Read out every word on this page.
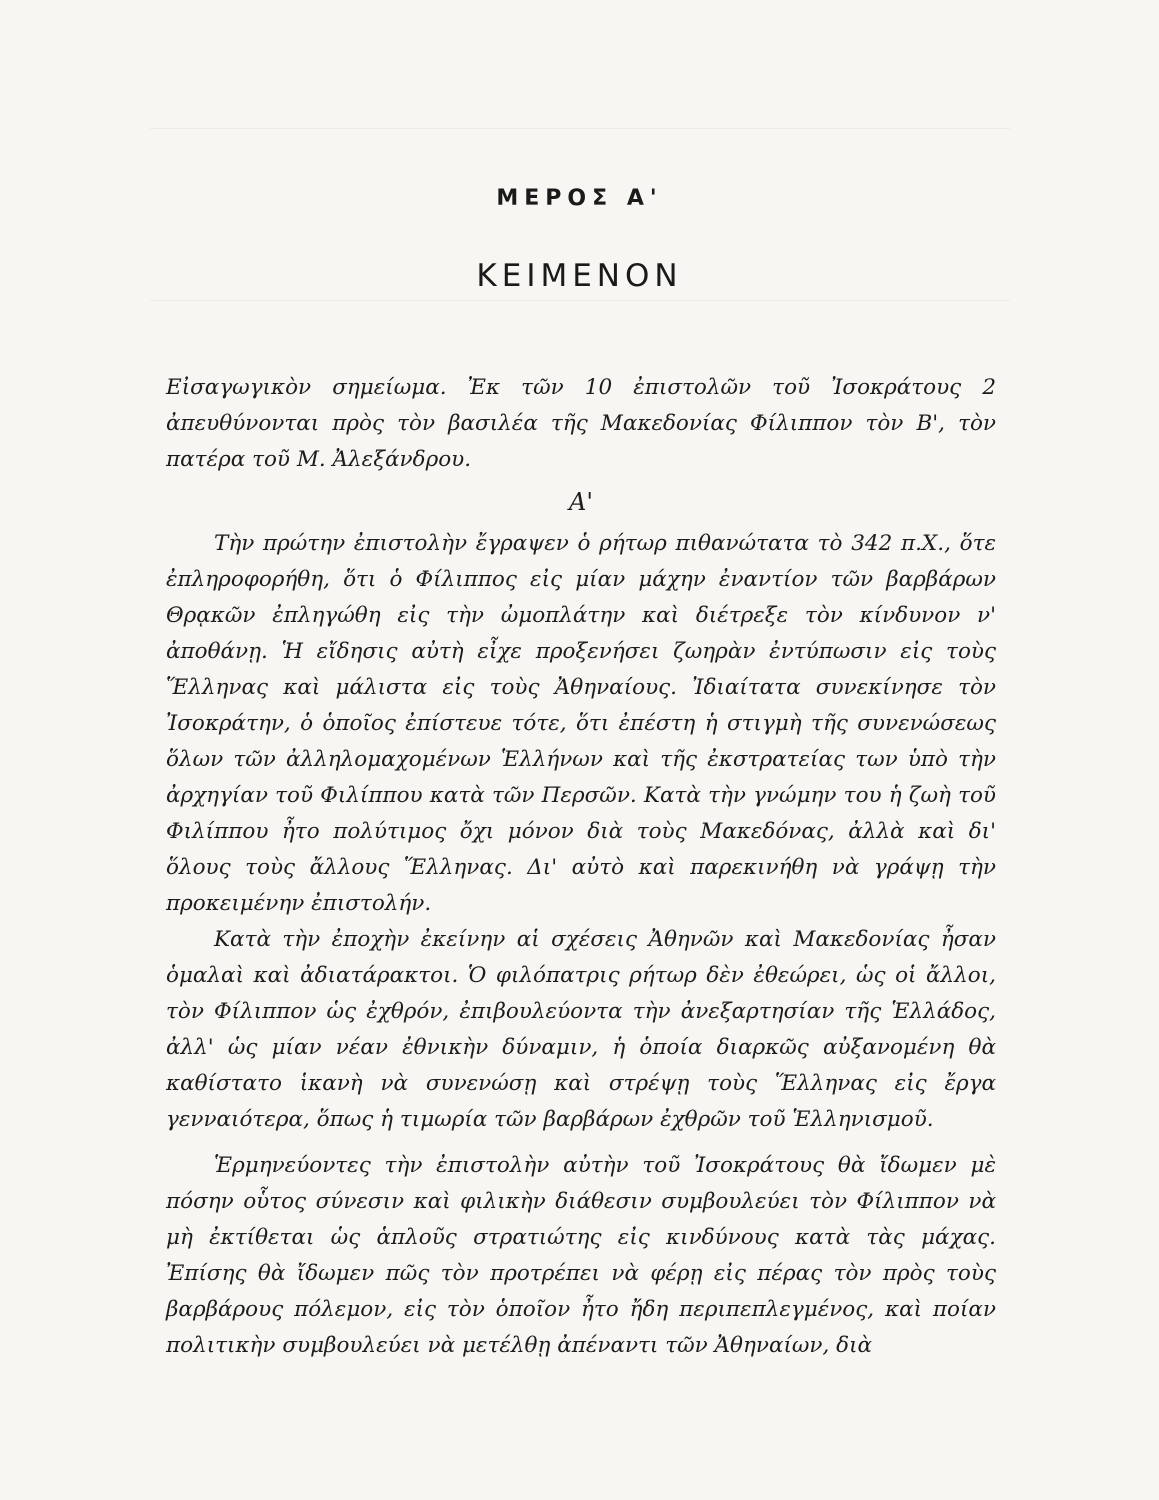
ΜΕΡΟΣ Α'
ΚΕΙΜΕΝΟΝ

Εἰσαγωγικὸν σημείωμα. Ἐκ τῶν 10 ἐπιστολῶν τοῦ Ἰσοκράτους 2 ἀπευθύνονται πρὸς τὸν βασιλέα τῆς Μακεδονίας Φίλιππον τὸν Β', τὸν πατέρα τοῦ Μ. Ἀλεξάνδρου.

Α'

Τὴν πρώτην ἐπιστολὴν ἔγραψεν ὁ ρήτωρ πιθανώτατα τὸ 342 π.Χ., ὅτε ἐπληροφορήθη, ὅτι ὁ Φίλιππος εἰς μίαν μάχην ἐναντίον τῶν βαρβάρων Θρᾳκῶν ἐπληγώθη εἰς τὴν ὠμοπλάτην καὶ διέτρεξε τὸν κίνδυνον ν' ἀποθάνῃ. Ἡ εἴδησις αὐτὴ εἶχε προξενήσει ζωηρὰν ἐντύπωσιν εἰς τοὺς Ἕλληνας καὶ μάλιστα εἰς τοὺς Ἀθηναίους. Ἰδιαίτατα συνεκίνησε τὸν Ἰσοκράτην, ὁ ὁποῖος ἐπίστευε τότε, ὅτι ἐπέστη ἡ στιγμὴ τῆς συνενώσεως ὅλων τῶν ἀλληλομαχομένων Ἑλλήνων καὶ τῆς ἐκστρατείας των ὑπὸ τὴν ἀρχηγίαν τοῦ Φιλίππου κατὰ τῶν Περσῶν. Κατὰ τὴν γνώμην του ἡ ζωὴ τοῦ Φιλίππου ἦτο πολύτιμος ὄχι μόνον διὰ τοὺς Μακεδόνας, ἀλλὰ καὶ δι' ὅλους τοὺς ἄλλους Ἕλληνας. Δι' αὐτὸ καὶ παρεκινήθη νὰ γράψῃ τὴν προκειμένην ἐπιστολήν.

Κατὰ τὴν ἐποχὴν ἐκείνην αἱ σχέσεις Ἀθηνῶν καὶ Μακεδονίας ἦσαν ὁμαλαὶ καὶ ἀδιατάρακτοι. Ὁ φιλόπατρις ρήτωρ δὲν ἐθεώρει, ὡς οἱ ἄλλοι, τὸν Φίλιππον ὡς ἐχθρόν, ἐπιβουλεύοντα τὴν ἀνεξαρτησίαν τῆς Ἑλλάδος, ἀλλ' ὡς μίαν νέαν ἐθνικὴν δύναμιν, ἡ ὁποία διαρκῶς αὐξανομένη θὰ καθίστατο ἱκανὴ νὰ συνενώσῃ καὶ στρέψῃ τοὺς Ἕλληνας εἰς ἔργα γενναιότερα, ὅπως ἡ τιμωρία τῶν βαρβάρων ἐχθρῶν τοῦ Ἑλληνισμοῦ.

Ἑρμηνεύοντες τὴν ἐπιστολὴν αὐτὴν τοῦ Ἰσοκράτους θὰ ἴδωμεν μὲ πόσην οὗτος σύνεσιν καὶ φιλικὴν διάθεσιν συμβουλεύει τὸν Φίλιππον νὰ μὴ ἐκτίθεται ὡς ἁπλοῦς στρατιώτης εἰς κινδύνους κατὰ τὰς μάχας. Ἐπίσης θὰ ἴδωμεν πῶς τὸν προτρέπει νὰ φέρῃ εἰς πέρας τὸν πρὸς τοὺς βαρβάρους πόλεμον, εἰς τὸν ὁποῖον ἦτο ἤδη περιπεπλεγμένος, καὶ ποίαν πολιτικὴν συμβουλεύει νὰ μετέλθῃ ἀπέναντι τῶν Ἀθηναίων, διὰ
